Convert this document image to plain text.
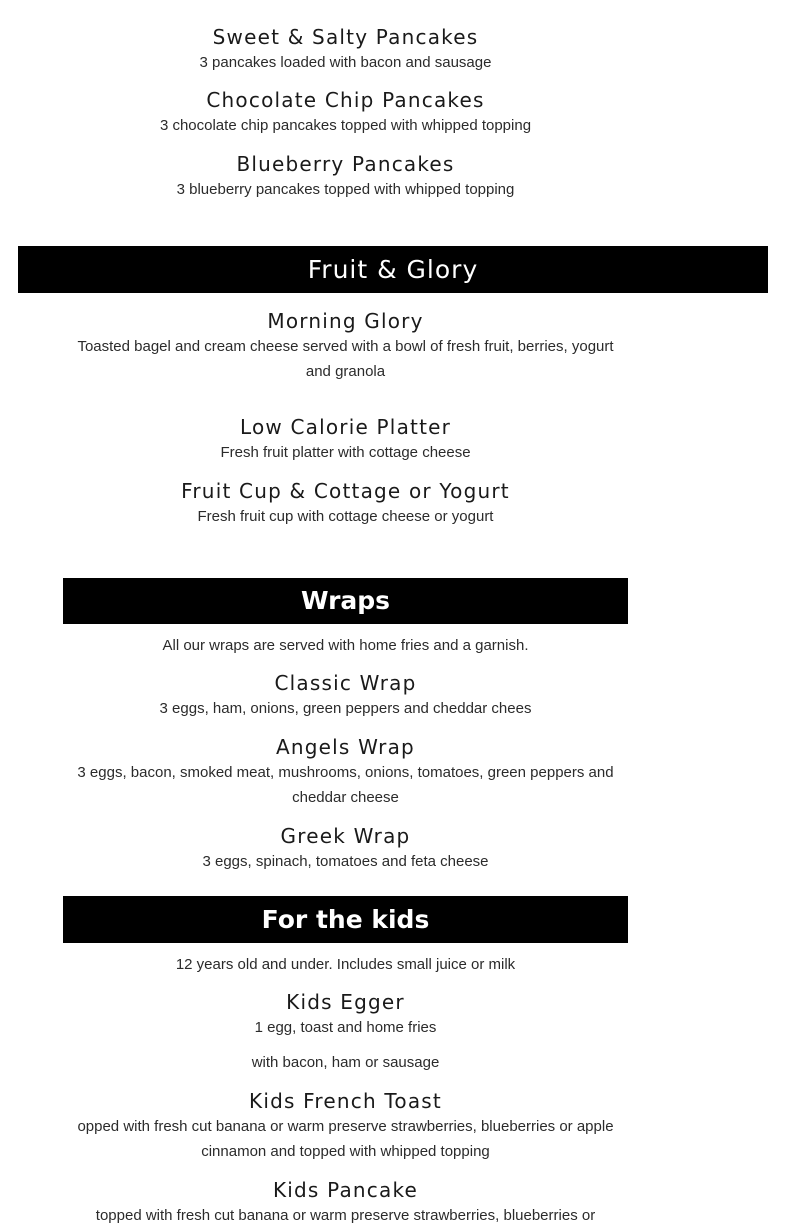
Sweet & Salty Pancakes

3 pancakes loaded with bacon and sausage

Chocolate Chip Pancakes

3 chocolate chip pancakes topped with whipped topping

Blueberry Pancakes

3 blueberry pancakes topped with whipped topping

Fruit & Glory

Morning Glory

Toasted bagel and cream cheese served with a bowl of fresh fruit, berries, yogurt and granola

Low Calorie Platter

Fresh fruit platter with cottage cheese

Fruit Cup & Cottage or Yogurt

Fresh fruit cup with cottage cheese or yogurt

Wraps

All our wraps are served with home fries and a garnish.

Classic Wrap

3 eggs, ham, onions, green peppers and cheddar chees

Angels Wrap

3 eggs, bacon, smoked meat, mushrooms, onions, tomatoes, green peppers and cheddar cheese

Greek Wrap

3 eggs, spinach, tomatoes and feta cheese

For the kids

12 years old and under. Includes small juice or milk

Kids Egger

1 egg, toast and home fries

with bacon, ham or sausage

Kids French Toast

opped with fresh cut banana or warm preserve strawberries, blueberries or apple cinnamon and topped with whipped topping

Kids Pancake

topped with fresh cut banana or warm preserve strawberries, blueberries or
